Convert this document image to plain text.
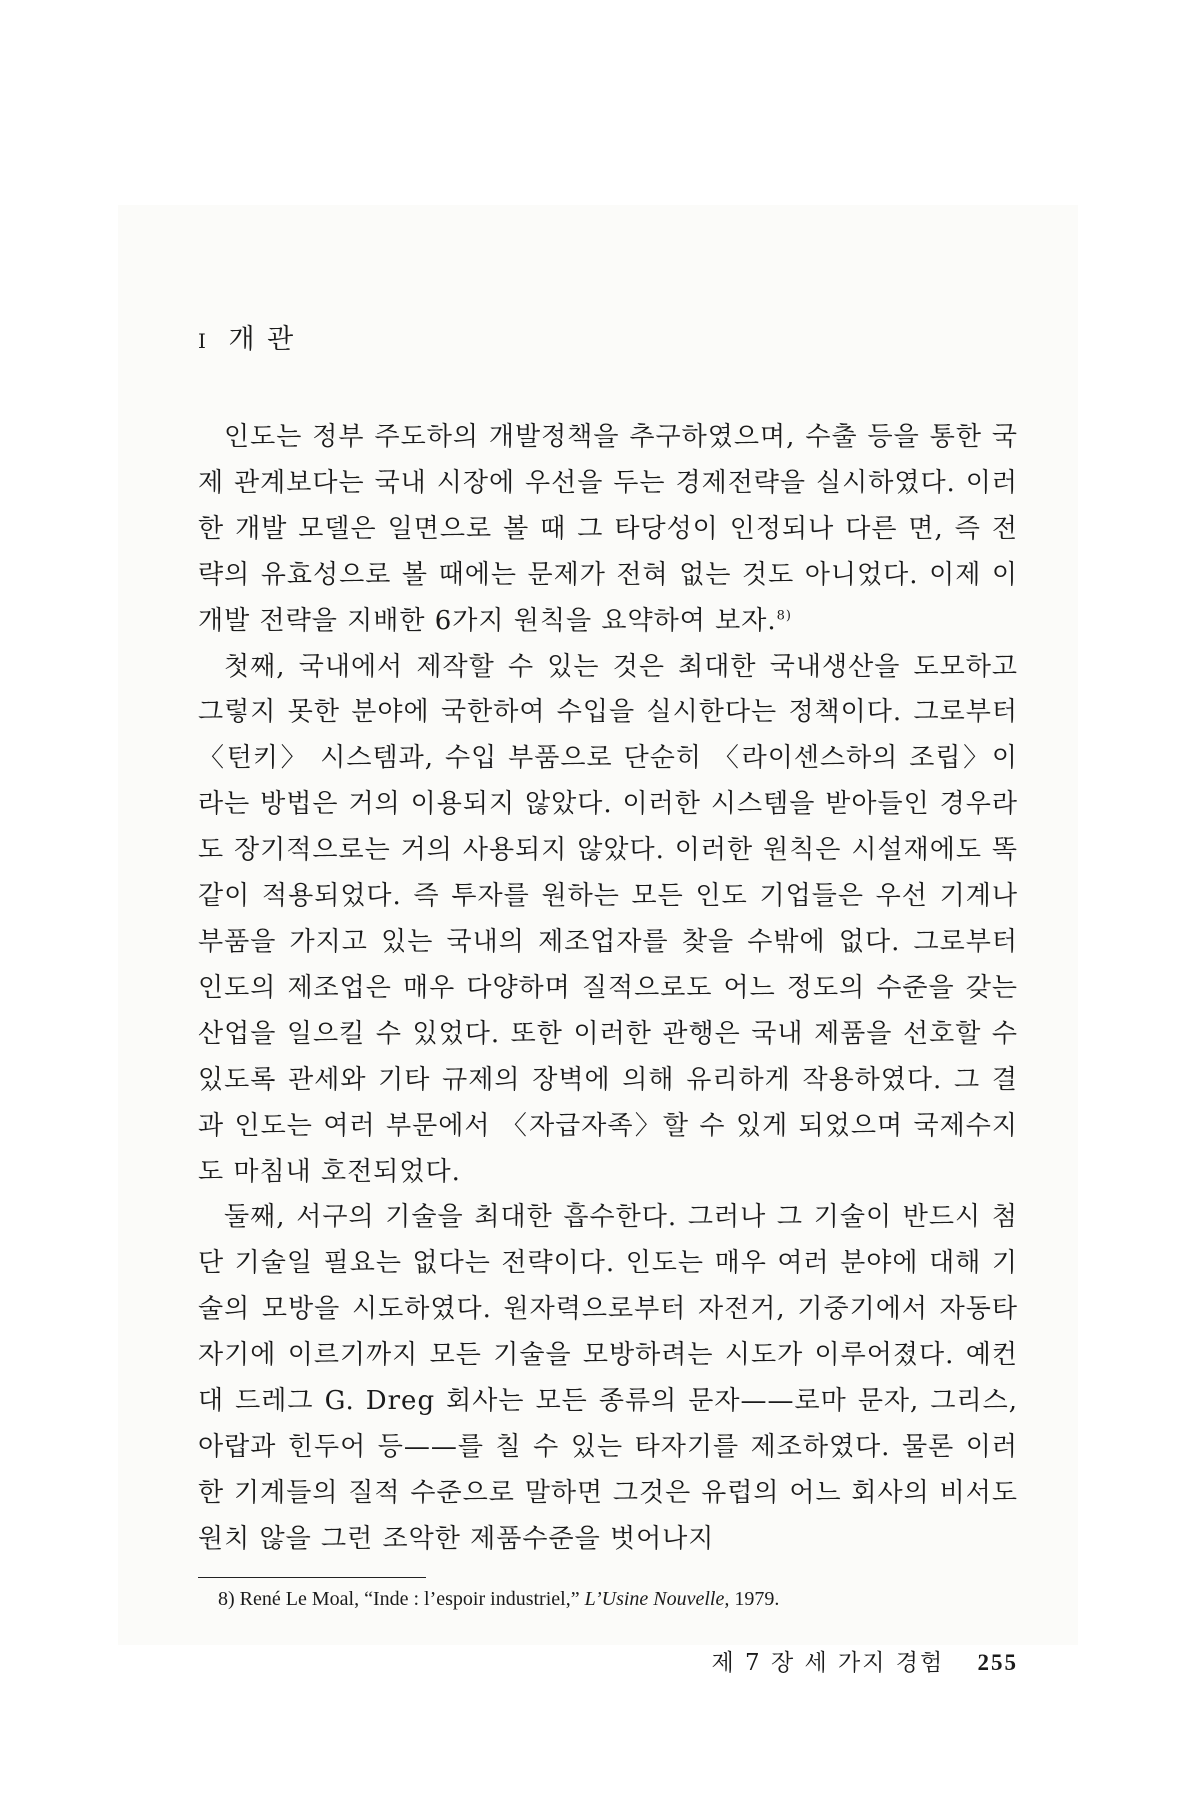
I 개 관

인도는 정부 주도하의 개발정책을 추구하였으며, 수출 등을 통한 국제 관계보다는 국내 시장에 우선을 두는 경제전략을 실시하였다. 이러한 개발 모델은 일면으로 볼 때 그 타당성이 인정되나 다른 면, 즉 전략의 유효성으로 볼 때에는 문제가 전혀 없는 것도 아니었다. 이제 이 개발 전략을 지배한 6가지 원칙을 요약하여 보자.$^{8)}$

첫째, 국내에서 제작할 수 있는 것은 최대한 국내생산을 도모하고 그렇지 못한 분야에 국한하여 수입을 실시한다는 정책이다. 그로부터 〈턴키〉 시스템과, 수입 부품으로 단순히 〈라이센스하의 조립〉이라는 방법은 거의 이용되지 않았다. 이러한 시스템을 받아들인 경우라도 장기적으로는 거의 사용되지 않았다. 이러한 원칙은 시설재에도 똑같이 적용되었다. 즉 투자를 원하는 모든 인도 기업들은 우선 기계나 부품을 가지고 있는 국내의 제조업자를 찾을 수밖에 없다. 그로부터 인도의 제조업은 매우 다양하며 질적으로도 어느 정도의 수준을 갖는 산업을 일으킬 수 있었다. 또한 이러한 관행은 국내 제품을 선호할 수 있도록 관세와 기타 규제의 장벽에 의해 유리하게 작용하였다. 그 결과 인도는 여러 부문에서 〈자급자족〉할 수 있게 되었으며 국제수지도 마침내 호전되었다.

둘째, 서구의 기술을 최대한 흡수한다. 그러나 그 기술이 반드시 첨단 기술일 필요는 없다는 전략이다. 인도는 매우 여러 분야에 대해 기술의 모방을 시도하였다. 원자력으로부터 자전거, 기중기에서 자동타자기에 이르기까지 모든 기술을 모방하려는 시도가 이루어졌다. 예컨대 드레그 G. Dreg 회사는 모든 종류의 문자——로마 문자, 그리스, 아랍과 힌두어 등——를 칠 수 있는 타자기를 제조하였다. 물론 이러한 기계들의 질적 수준으로 말하면 그것은 유럽의 어느 회사의 비서도 원치 않을 그런 조악한 제품수준을 벗어나지

8) René Le Moal, “Inde : l’espoir industriel,” L’Usine Nouvelle, 1979.
제 7 장 세 가지 경험 255
